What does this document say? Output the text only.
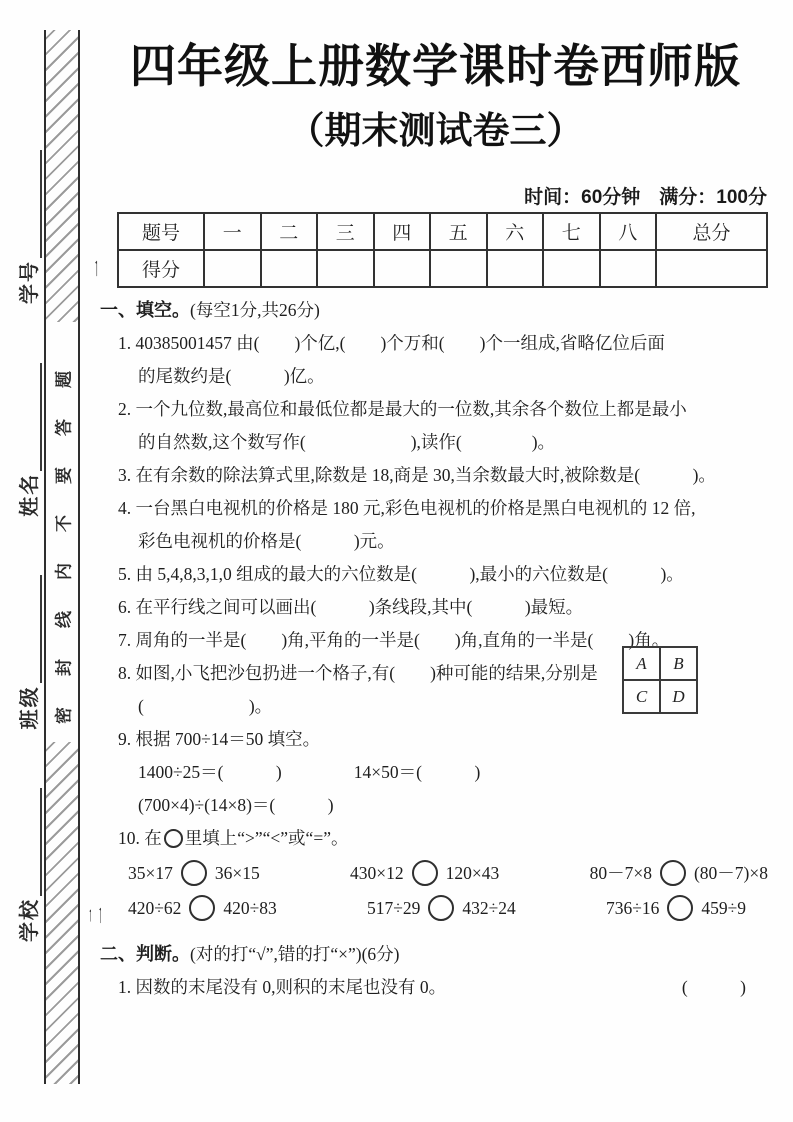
密封线内不要答题
学校
班级
姓名
学号	一
二
四年级上册数学课时卷西师版
（期末测试卷三）
时间：60分钟　满分：100分
题号	一	二	三	四	五	六	七	八	总分
得分									
一、填空。(每空1分,共26分)
1. 40385001457 由(　　)个亿,(　　)个万和(　　)个一组成,省略亿位后面
的尾数约是(　　　)亿。
2. 一个九位数,最高位和最低位都是最大的一位数,其余各个数位上都是最小
的自然数,这个数写作(　　　　　　),读作(　　　　)。
3. 在有余数的除法算式里,除数是 18,商是 30,当余数最大时,被除数是(　　　)。
4. 一台黑白电视机的价格是 180 元,彩色电视机的价格是黑白电视机的 12 倍,
彩色电视机的价格是(　　　)元。
5. 由 5,4,8,3,1,0 组成的最大的六位数是(　　　),最小的六位数是(　　　)。
6. 在平行线之间可以画出(　　　)条线段,其中(　　　)最短。
7. 周角的一半是(　　)角,平角的一半是(　　)角,直角的一半是(　　)角。
8. 如图,小飞把沙包扔进一个格子,有(　　)种可能的结果,分别是
(　　　　　　)。
9. 根据 700÷14＝50 填空。
1400÷25＝(　　　)	14×50＝(　　　)
(700×4)÷(14×8)＝(　　　)
10. 在 里填上“>”“<”或“=”。
35×17 36×15	430×12 120×43	80－7×8 (80－7)×8
420÷62 420÷83	517÷29 432÷24	736÷16 459÷9
二、判断。(对的打“√”,错的打“×”)(6分)
1. 因数的末尾没有 0,则积的末尾也没有 0。	(　　　)
A	B
C	D
